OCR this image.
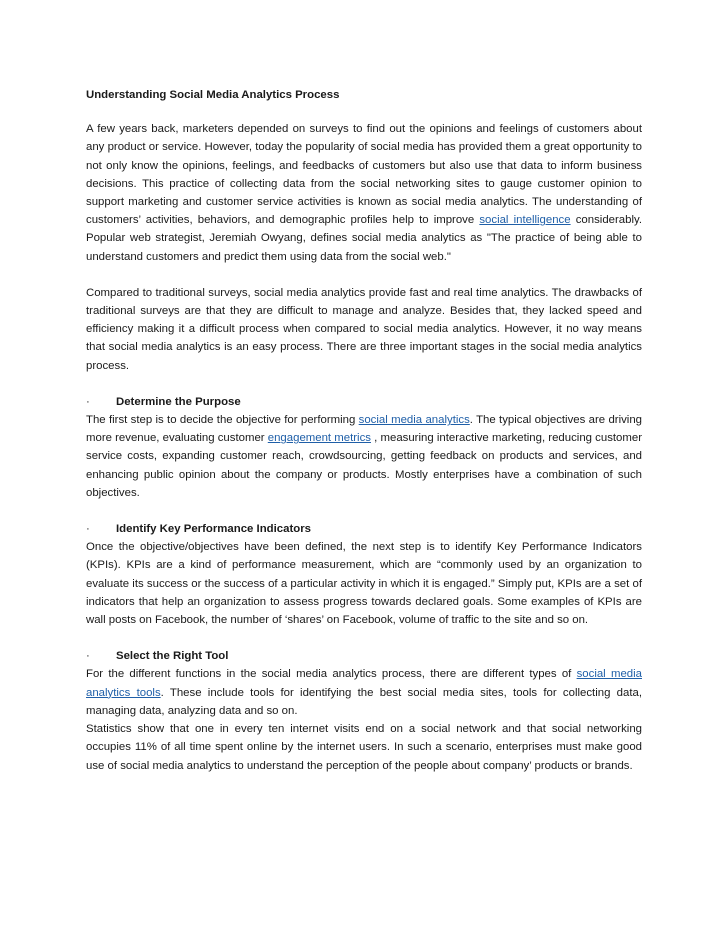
Understanding Social Media Analytics Process

A few years back, marketers depended on surveys to find out the opinions and feelings of customers about any product or service. However, today the popularity of social media has provided them a great opportunity to not only know the opinions, feelings, and feedbacks of customers but also use that data to inform business decisions. This practice of collecting data from the social networking sites to gauge customer opinion to support marketing and customer service activities is known as social media analytics. The understanding of customers’ activities, behaviors, and demographic profiles help to improve social intelligence considerably. Popular web strategist, Jeremiah Owyang, defines social media analytics as "The practice of being able to understand customers and predict them using data from the social web."

Compared to traditional surveys, social media analytics provide fast and real time analytics. The drawbacks of traditional surveys are that they are difficult to manage and analyze. Besides that, they lacked speed and efficiency making it a difficult process when compared to social media analytics. However, it no way means that social media analytics is an easy process. There are three important stages in the social media analytics process.

· Determine the Purpose

The first step is to decide the objective for performing social media analytics. The typical objectives are driving more revenue, evaluating customer engagement metrics , measuring interactive marketing, reducing customer service costs, expanding customer reach, crowdsourcing, getting feedback on products and services, and enhancing public opinion about the company or products. Mostly enterprises have a combination of such objectives.

· Identify Key Performance Indicators

Once the objective/objectives have been defined, the next step is to identify Key Performance Indicators (KPIs). KPIs are a kind of performance measurement, which are “commonly used by an organization to evaluate its success or the success of a particular activity in which it is engaged.” Simply put, KPIs are a set of indicators that help an organization to assess progress towards declared goals. Some examples of KPIs are wall posts on Facebook, the number of ‘shares’ on Facebook, volume of traffic to the site and so on.

· Select the Right Tool

For the different functions in the social media analytics process, there are different types of social media analytics tools. These include tools for identifying the best social media sites, tools for collecting data, managing data, analyzing data and so on.

Statistics show that one in every ten internet visits end on a social network and that social networking occupies 11% of all time spent online by the internet users. In such a scenario, enterprises must make good use of social media analytics to understand the perception of the people about company’ products or brands.
